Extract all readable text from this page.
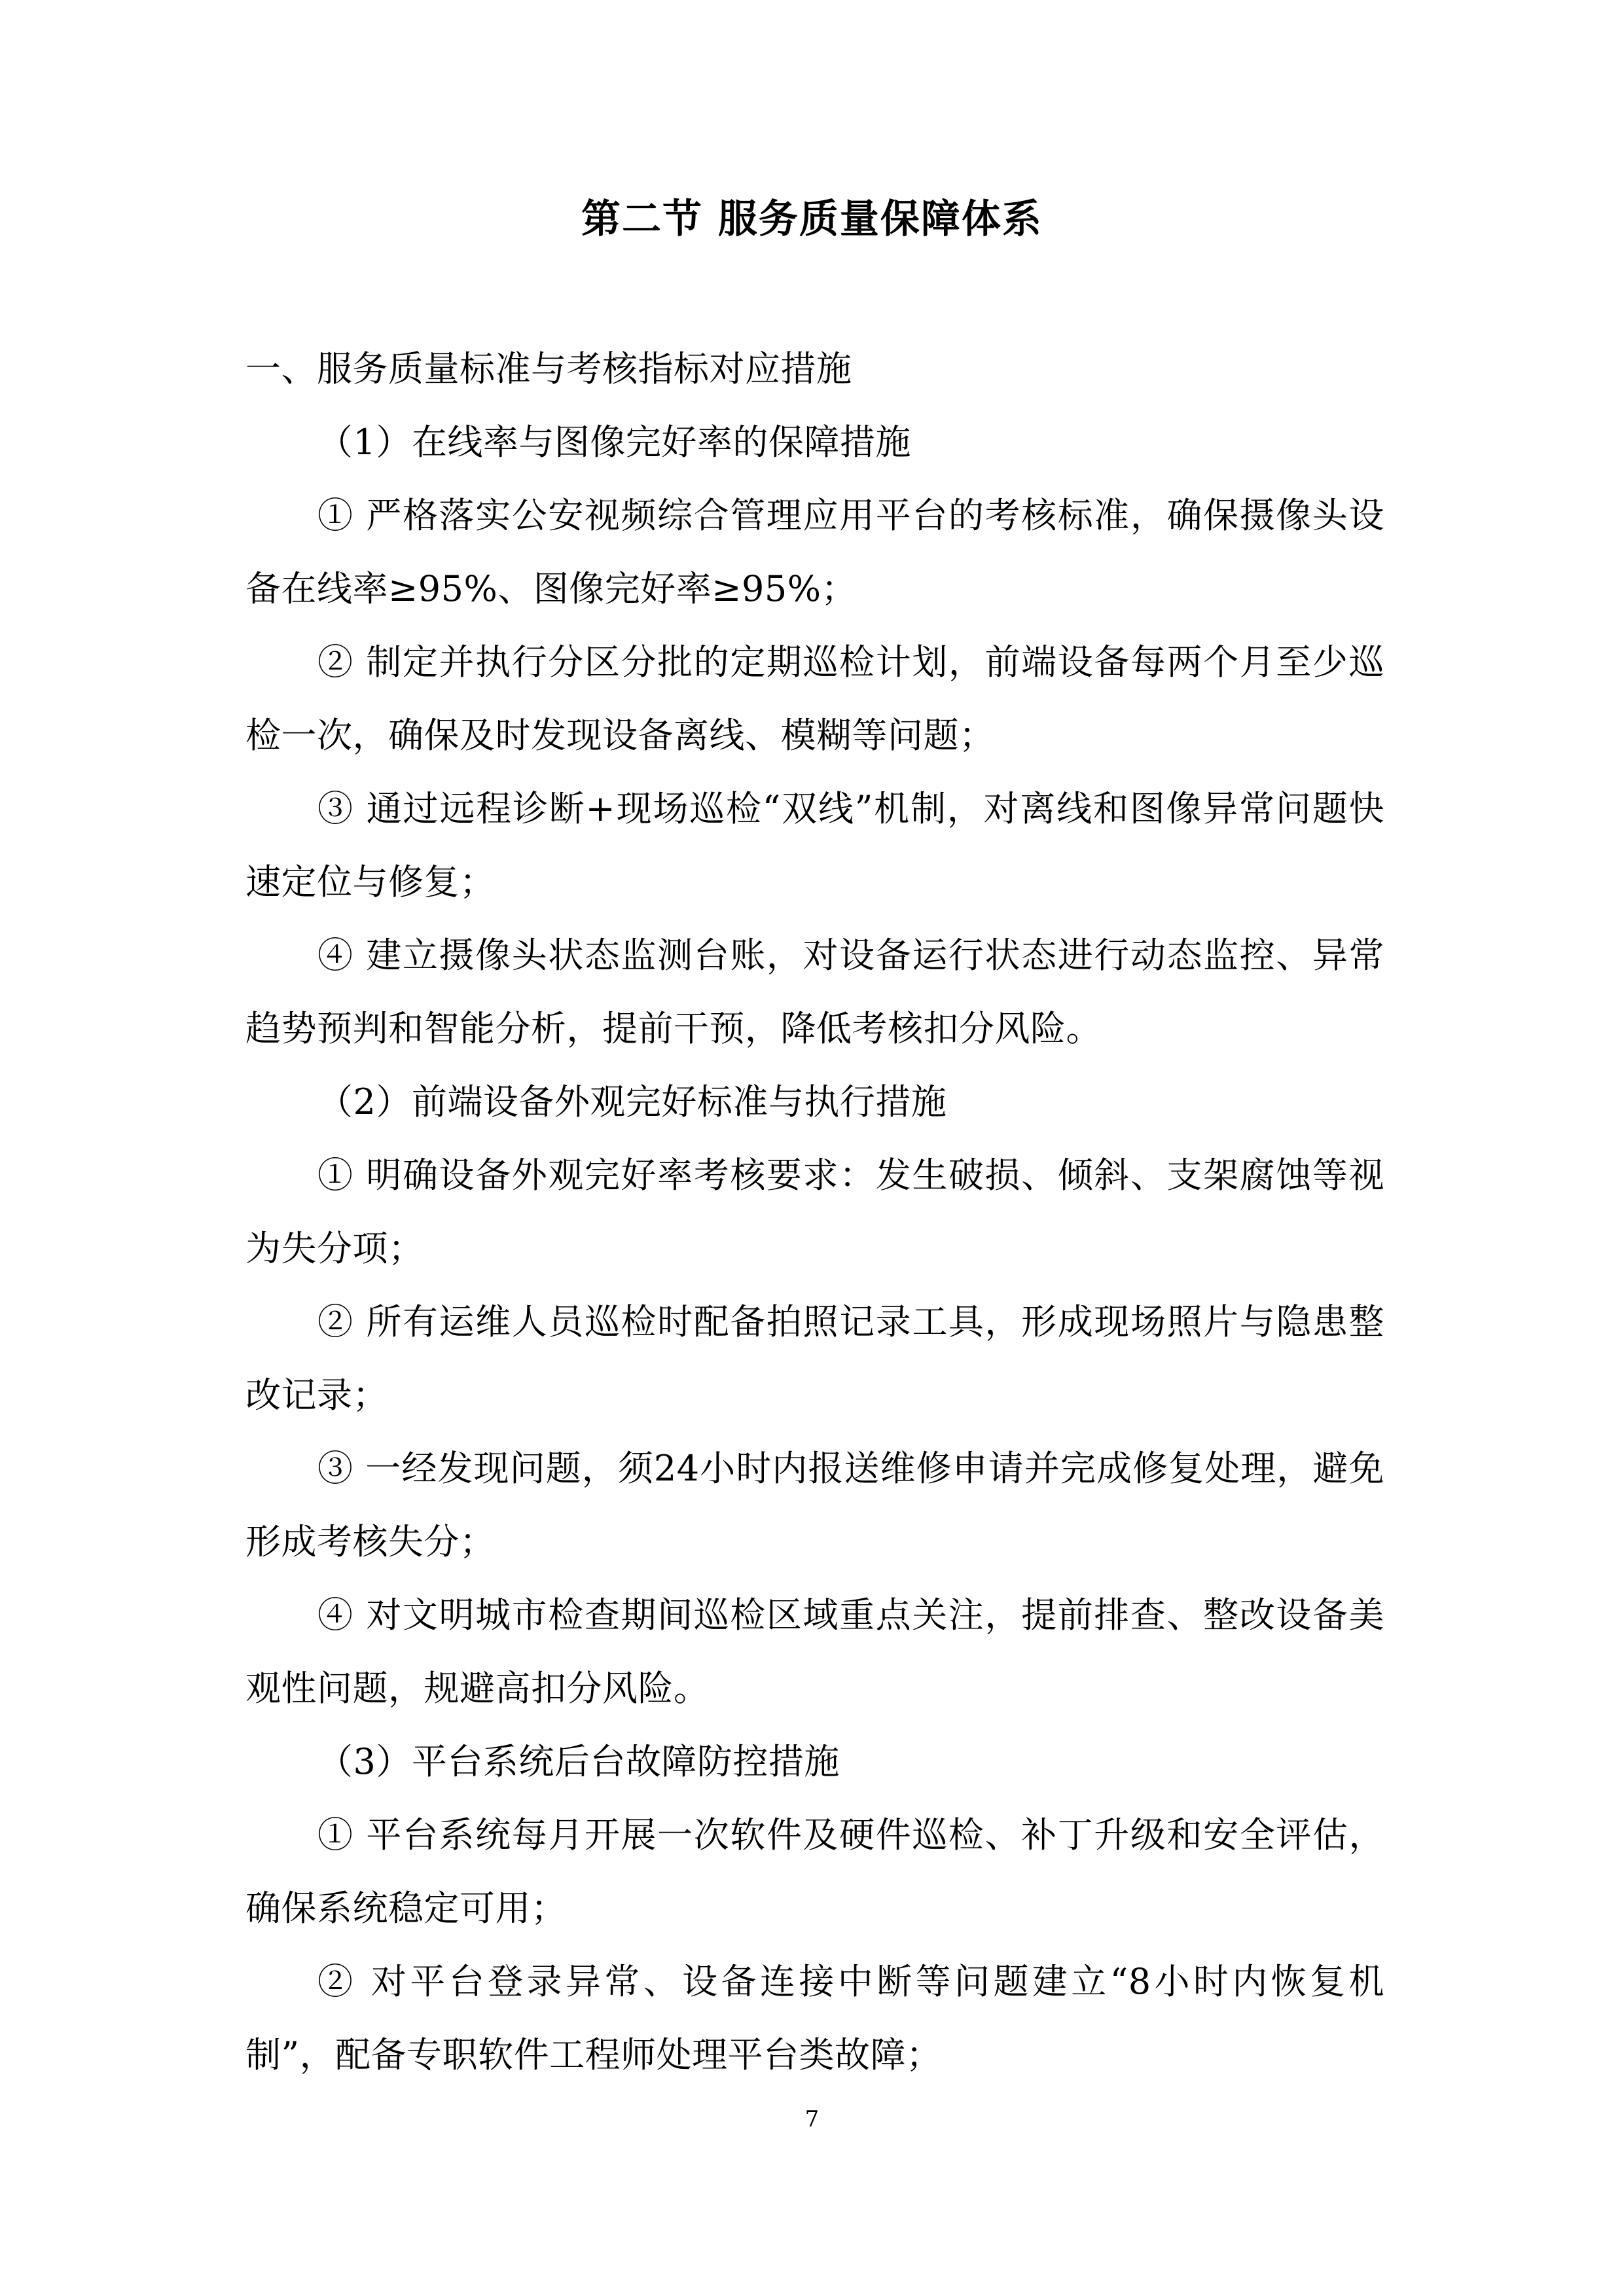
第二节 服务质量保障体系

一、服务质量标准与考核指标对应措施

（1）在线率与图像完好率的保障措施

① 严格落实公安视频综合管理应用平台的考核标准，确保摄像头设备在线率≥95%、图像完好率≥95%；

② 制定并执行分区分批的定期巡检计划，前端设备每两个月至少巡检一次，确保及时发现设备离线、模糊等问题；

③ 通过远程诊断+现场巡检“双线”机制，对离线和图像异常问题快速定位与修复；

④ 建立摄像头状态监测台账，对设备运行状态进行动态监控、异常趋势预判和智能分析，提前干预，降低考核扣分风险。

（2）前端设备外观完好标准与执行措施

① 明确设备外观完好率考核要求：发生破损、倾斜、支架腐蚀等视为失分项；

② 所有运维人员巡检时配备拍照记录工具，形成现场照片与隐患整改记录；

③ 一经发现问题，须24小时内报送维修申请并完成修复处理，避免形成考核失分；

④ 对文明城市检查期间巡检区域重点关注，提前排查、整改设备美观性问题，规避高扣分风险。

（3）平台系统后台故障防控措施

① 平台系统每月开展一次软件及硬件巡检、补丁升级和安全评估，确保系统稳定可用；

② 对平台登录异常、设备连接中断等问题建立“8小时内恢复机制”，配备专职软件工程师处理平台类故障；

7
